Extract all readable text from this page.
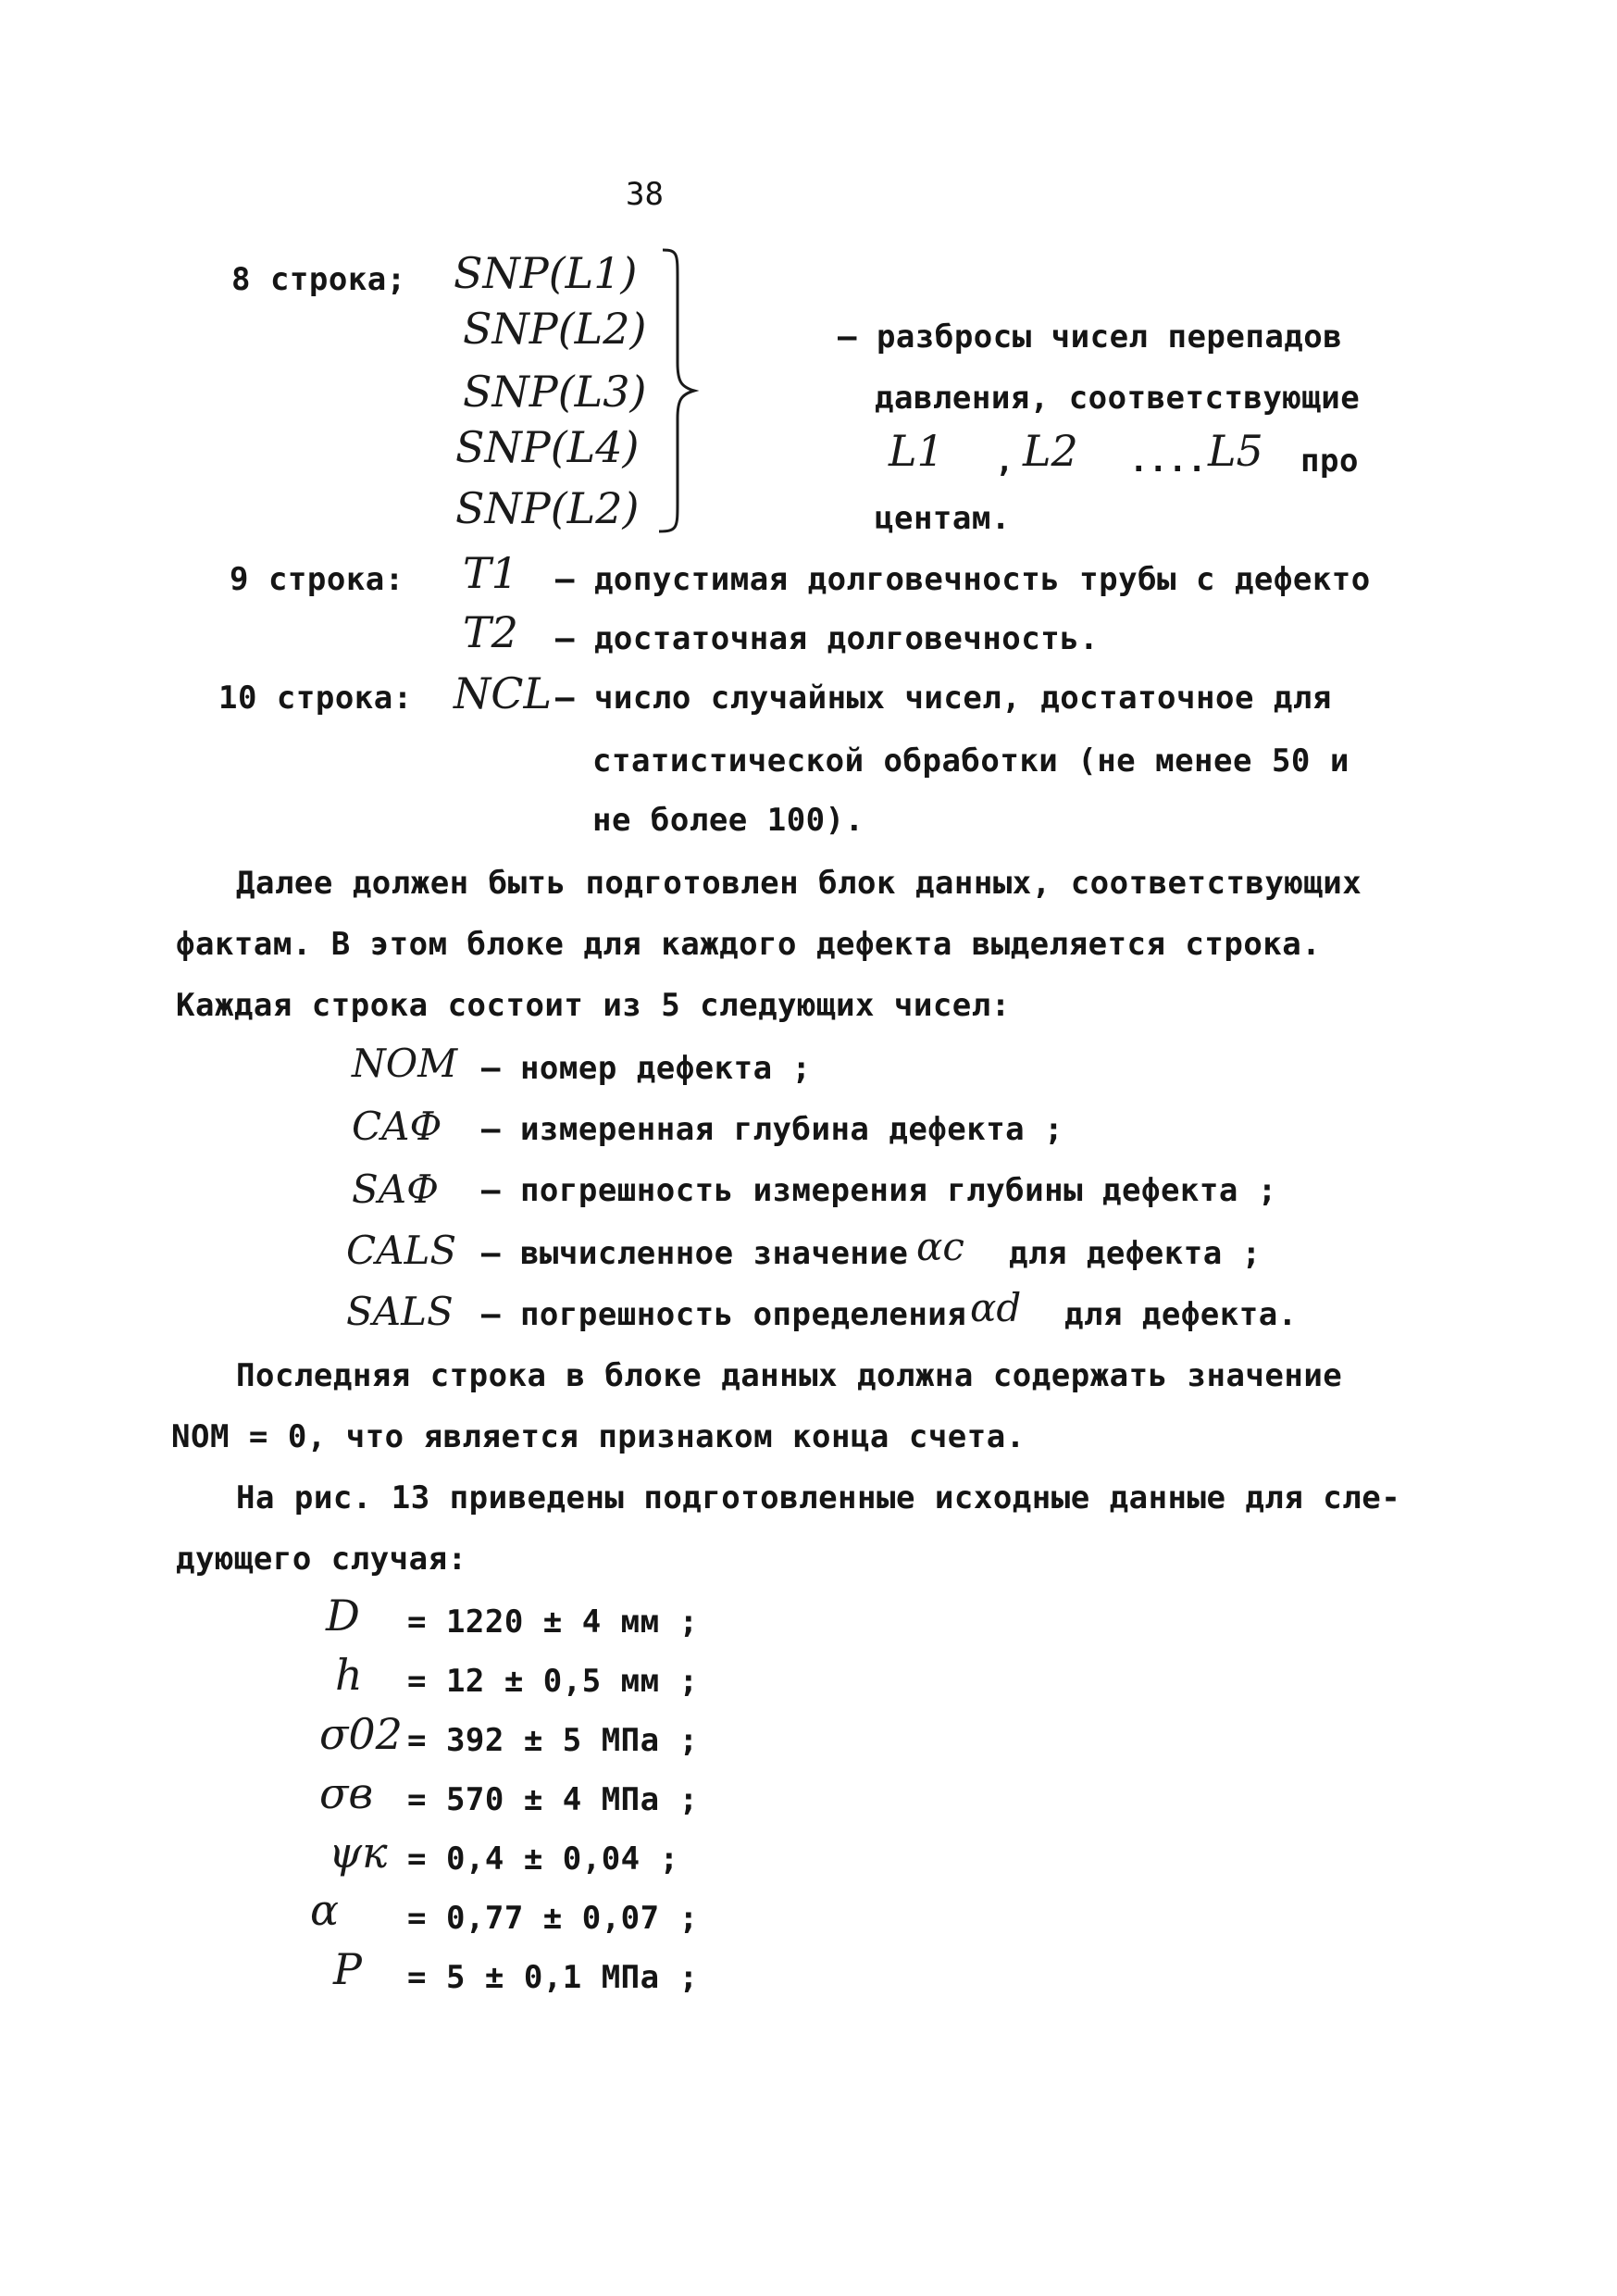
38
8 строка; SNP(L1)
SNP(L2)
SNP(L3)
SNP(L4)
SNP(L2)
– разбросы чисел перепадов
давления, соответствующие
L1 , L2 .... L5 про
центам.
9 строка: T1 – допустимая долговечность трубы с дефекто
T2 – достаточная долговечность.
10 строка: NCL – число случайных чисел, достаточное для
статистической обработки (не менее 50 и
не более 100).
Далее должен быть подготовлен блок данных, соответствующих
фактам. В этом блоке для каждого дефекта выделяется строка.
Каждая строка состоит из 5 следующих чисел:
NOM – номер дефекта ;
CAФ – измеренная глубина дефекта ;
SAФ – погрешность измерения глубины дефекта ;
CALS – вычисленное значение αc для дефекта ;
SALS – погрешность определения αd для дефекта.
Последняя строка в блоке данных должна содержать значение
NOM = 0, что является признаком конца счета.
На рис. 13 приведены подготовленные исходные данные для сле-
дующего случая:
D = 1220 ± 4 мм ;
h = 12 ± 0,5 мм ;
σ02 = 392 ± 5 МПа ;
σв = 570 ± 4 МПа ;
ψк = 0,4 ± 0,04 ;
α = 0,77 ± 0,07 ;
P = 5 ± 0,1 МПа ;
